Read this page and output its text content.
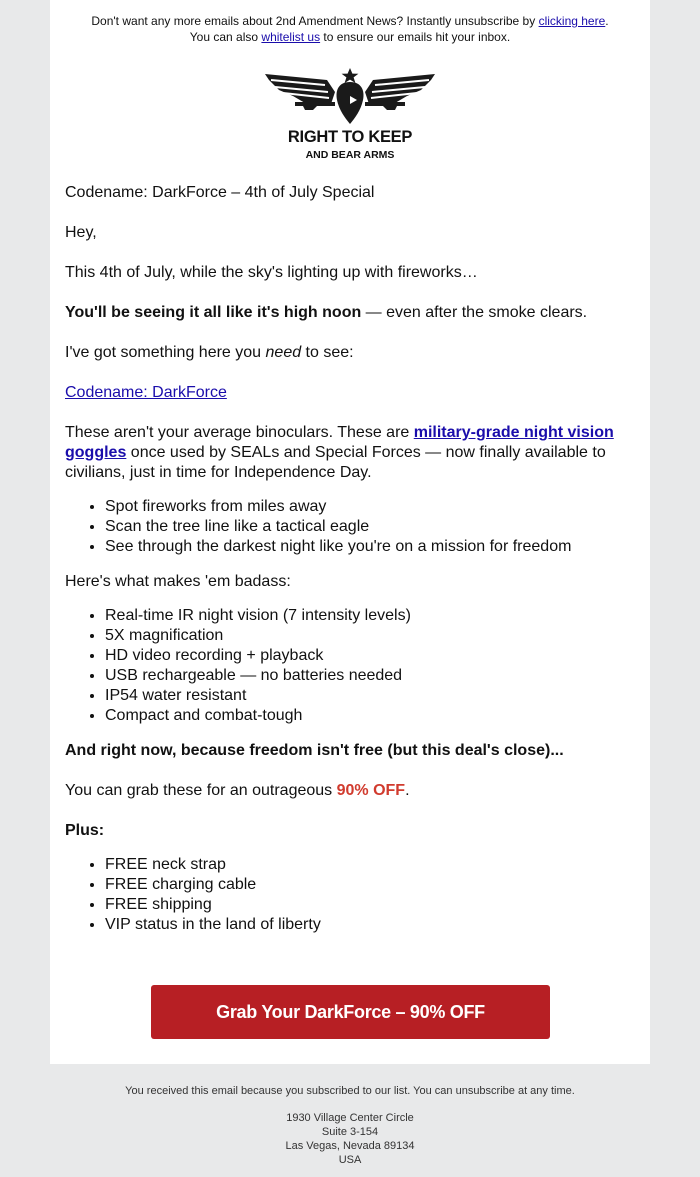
Don't want any more emails about 2nd Amendment News? Instantly unsubscribe by clicking here.
You can also whitelist us to ensure our emails hit your inbox.
RIGHT TO KEEP
AND BEAR ARMS

Codename: DarkForce – 4th of July Special

Hey,

This 4th of July, while the sky's lighting up with fireworks…

You'll be seeing it all like it's high noon — even after the smoke clears.

I've got something here you need to see:

Codename: DarkForce

These aren't your average binoculars. These are military-grade night vision goggles once used by SEALs and Special Forces — now finally available to civilians, just in time for Independence Day.

• Spot fireworks from miles away
• Scan the tree line like a tactical eagle
• See through the darkest night like you're on a mission for freedom

Here's what makes 'em badass:

• Real-time IR night vision (7 intensity levels)
• 5X magnification
• HD video recording + playback
• USB rechargeable — no batteries needed
• IP54 water resistant
• Compact and combat-tough

And right now, because freedom isn't free (but this deal's close)...

You can grab these for an outrageous 90% OFF.

Plus:

• FREE neck strap
• FREE charging cable
• FREE shipping
• VIP status in the land of liberty
Grab Your DarkForce – 90% OFF
You received this email because you subscribed to our list. You can unsubscribe at any time.
1930 Village Center Circle
Suite 3-154
Las Vegas, Nevada 89134
USA
